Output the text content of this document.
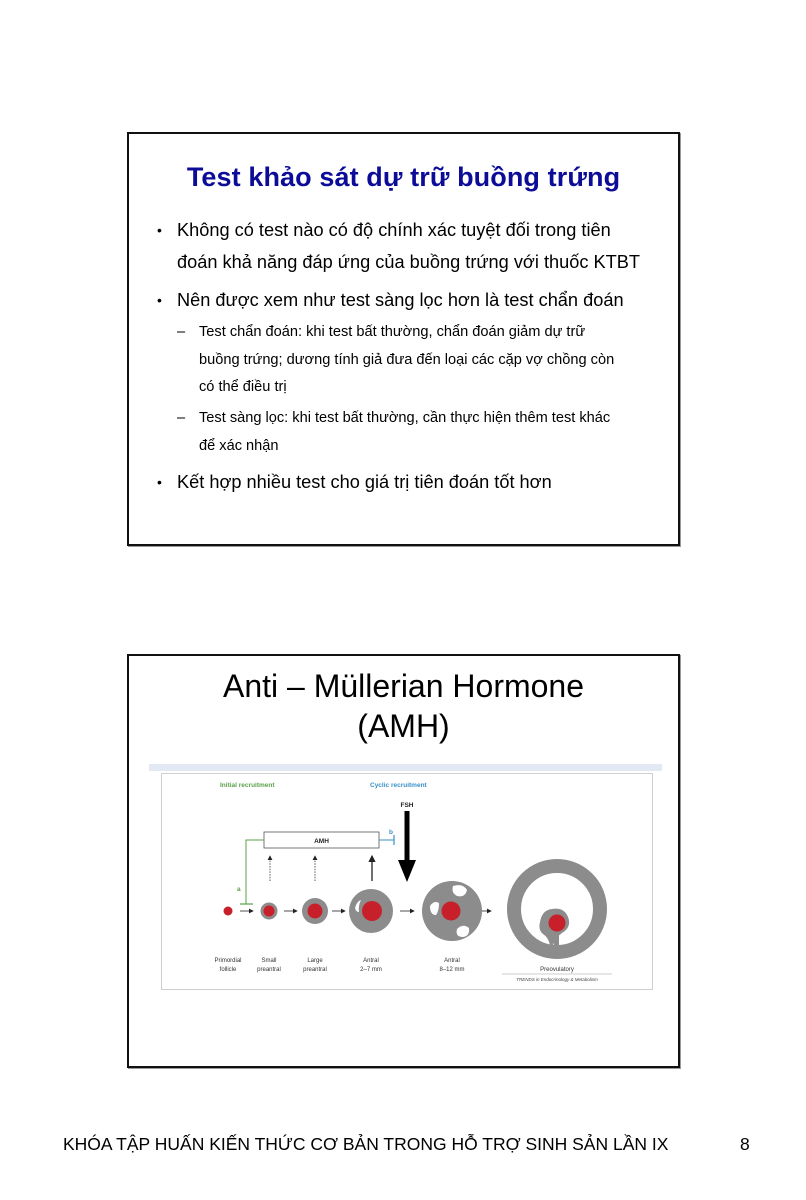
Test khảo sát dự trữ buồng trứng
• Không có test nào có độ chính xác tuyệt đối trong tiên
đoán khả năng đáp ứng của buồng trứng với thuốc KTBT
• Nên được xem như test sàng lọc hơn là test chẩn đoán
– Test chẩn đoán: khi test bất thường, chẩn đoán giảm dự trữ
buồng trứng; dương tính giả đưa đến loại các cặp vợ chồng còn
có thể điều trị
– Test sàng lọc: khi test bất thường, cần thực hiện thêm test khác
để xác nhận
• Kết hợp nhiều test cho giá trị tiên đoán tốt hơn
Anti – Müllerian Hormone
(AMH)
Initial recruitment	Cyclic recruitment
FSH
AMH
b
a
Primordial
follicle
Small
preantral
Large
preantral
Antral
2–7 mm
Antral
8–12 mm	Preovulatory
TRENDS in Endocrinology & Metabolism
KHÓA TẬP HUẤN KIẾN THỨC CƠ BẢN TRONG HỖ TRỢ SINH SẢN LẦN IX	8
